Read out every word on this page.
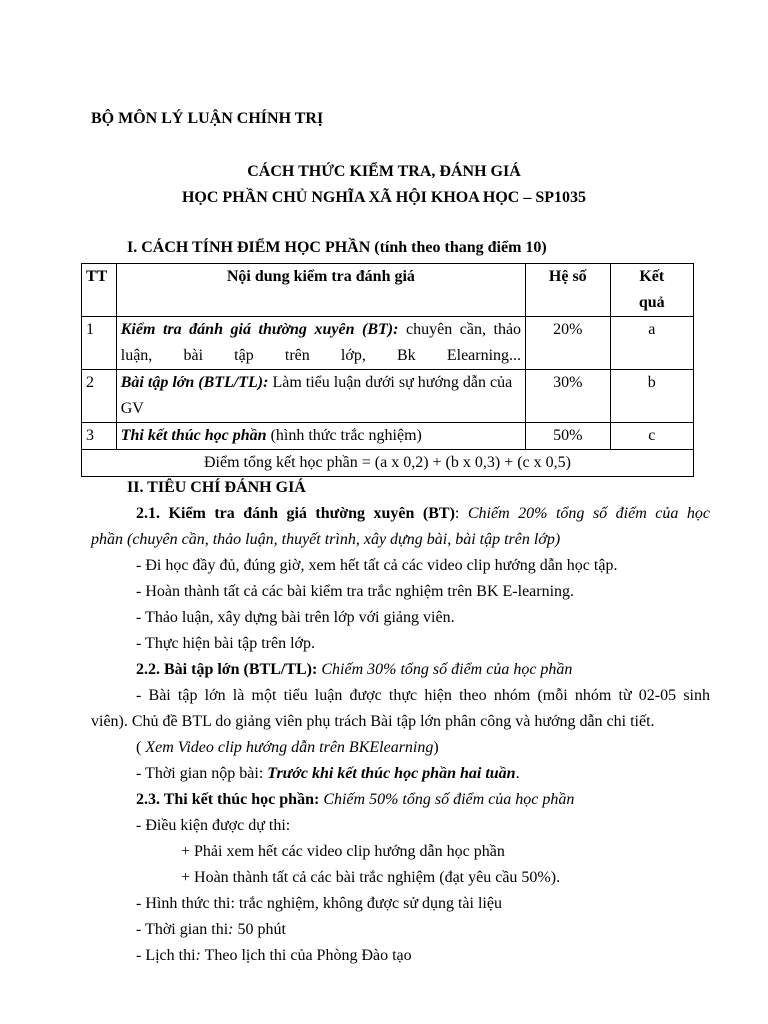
BỘ MÔN LÝ LUẬN CHÍNH TRỊ
CÁCH THỨC KIỂM TRA, ĐÁNH GIÁ
HỌC PHẦN CHỦ NGHĨA XÃ HỘI KHOA HỌC – SP1035
I. CÁCH TÍNH ĐIỂM HỌC PHẦN (tính theo thang điểm 10)
TT	Nội dung kiểm tra đánh giá	Hệ số	Kết quả
1	Kiểm tra đánh giá thường xuyên (BT): chuyên cần, thảo luận, bài tập trên lớp, Bk Elearning...	20%	a
2	Bài tập lớn (BTL/TL): Làm tiểu luận dưới sự hướng dẫn của GV	30%	b
3	Thi kết thúc học phần (hình thức trắc nghiệm)	50%	c
Điểm tổng kết học phần = (a x 0,2) + (b x 0,3) + (c x 0,5)			
II. TIÊU CHÍ ĐÁNH GIÁ
2.1. Kiểm tra đánh giá thường xuyên (BT): Chiếm 20% tổng số điểm của học
phần (chuyên cần, thảo luận, thuyết trình, xây dựng bài, bài tập trên lớp)
- Đi học đầy đủ, đúng giờ, xem hết tất cả các video clip hướng dẫn học tập.
- Hoàn thành tất cả các bài kiểm tra trắc nghiệm trên BK E-learning.
- Thảo luận, xây dựng bài trên lớp với giảng viên.
- Thực hiện bài tập trên lớp.
2.2. Bài tập lớn (BTL/TL): Chiếm 30% tổng số điểm của học phần
- Bài tập lớn là một tiểu luận được thực hiện theo nhóm (mỗi nhóm từ 02-05 sinh
viên). Chủ đề BTL do giảng viên phụ trách Bài tập lớn phân công và hướng dẫn chi tiết.
( Xem Video clip hướng dẫn trên BKElearning)
- Thời gian nộp bài: Trước khi kết thúc học phần hai tuần.
2.3. Thi kết thúc học phần: Chiếm 50% tổng số điểm của học phần
- Điều kiện được dự thi:
+ Phải xem hết các video clip hướng dẫn học phần
+ Hoàn thành tất cả các bài trắc nghiệm (đạt yêu cầu 50%).
- Hình thức thi: trắc nghiệm, không được sử dụng tài liệu
- Thời gian thi: 50 phút
- Lịch thi: Theo lịch thi của Phòng Đào tạo
